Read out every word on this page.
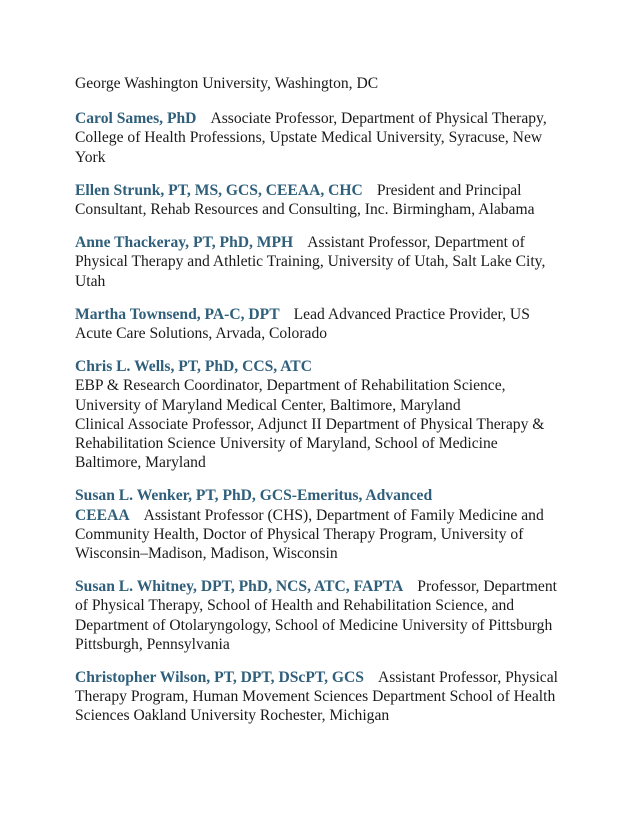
George Washington University, Washington, DC

Carol Sames, PhD Associate Professor, Department of Physical Therapy, College of Health Professions, Upstate Medical University, Syracuse, New York

Ellen Strunk, PT, MS, GCS, CEEAA, CHC President and Principal Consultant, Rehab Resources and Consulting, Inc. Birmingham, Alabama

Anne Thackeray, PT, PhD, MPH Assistant Professor, Department of Physical Therapy and Athletic Training, University of Utah, Salt Lake City, Utah

Martha Townsend, PA-C, DPT Lead Advanced Practice Provider, US Acute Care Solutions, Arvada, Colorado

Chris L. Wells, PT, PhD, CCS, ATC
EBP & Research Coordinator, Department of Rehabilitation Science, University of Maryland Medical Center, Baltimore, Maryland
Clinical Associate Professor, Adjunct II Department of Physical Therapy & Rehabilitation Science University of Maryland, School of Medicine Baltimore, Maryland

Susan L. Wenker, PT, PhD, GCS-Emeritus, Advanced
CEEAA Assistant Professor (CHS), Department of Family Medicine and Community Health, Doctor of Physical Therapy Program, University of Wisconsin–Madison, Madison, Wisconsin

Susan L. Whitney, DPT, PhD, NCS, ATC, FAPTA Professor, Department of Physical Therapy, School of Health and Rehabilitation Science, and Department of Otolaryngology, School of Medicine University of Pittsburgh Pittsburgh, Pennsylvania

Christopher Wilson, PT, DPT, DScPT, GCS Assistant Professor, Physical Therapy Program, Human Movement Sciences Department School of Health Sciences Oakland University Rochester, Michigan
